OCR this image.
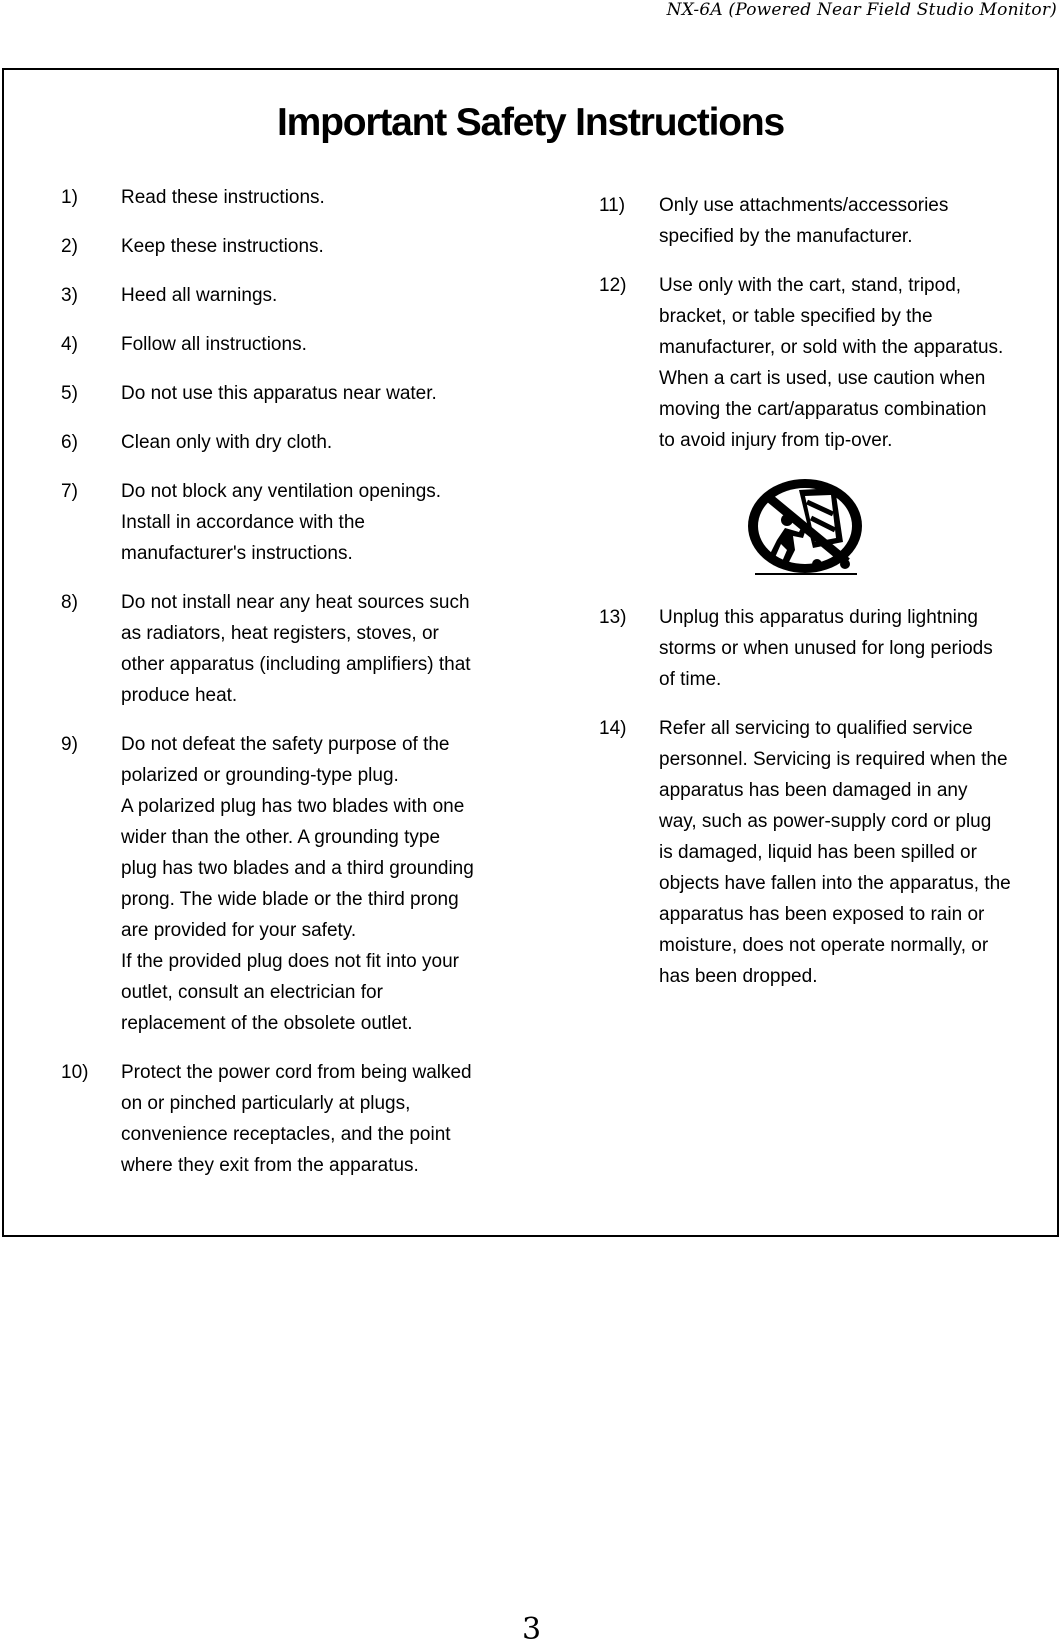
NX-6A (Powered Near Field Studio Monitor)
Important Safety Instructions
1) Read these instructions.
2) Keep these instructions.
3) Heed all warnings.
4) Follow all instructions.
5) Do not use this apparatus near water.
6) Clean only with dry cloth.
7) Do not block any ventilation openings.
Install in accordance with the
manufacturer's instructions.
8) Do not install near any heat sources such
as radiators, heat registers, stoves, or
other apparatus (including amplifiers) that
produce heat.
9) Do not defeat the safety purpose of the
polarized or grounding-type plug.
A polarized plug has two blades with one
wider than the other. A grounding type
plug has two blades and a third grounding
prong. The wide blade or the third prong
are provided for your safety.
If the provided plug does not fit into your
outlet, consult an electrician for
replacement of the obsolete outlet.
10) Protect the power cord from being walked
on or pinched particularly at plugs,
convenience receptacles, and the point
where they exit from the apparatus.
11) Only use attachments/accessories
specified by the manufacturer.
12) Use only with the cart, stand, tripod,
bracket, or table specified by the
manufacturer, or sold with the apparatus.
When a cart is used, use caution when
moving the cart/apparatus combination
to avoid injury from tip-over.
13) Unplug this apparatus during lightning
storms or when unused for long periods
of time.
14) Refer all servicing to qualified service
personnel. Servicing is required when the
apparatus has been damaged in any
way, such as power-supply cord or plug
is damaged, liquid has been spilled or
objects have fallen into the apparatus, the
apparatus has been exposed to rain or
moisture, does not operate normally, or
has been dropped.
3
